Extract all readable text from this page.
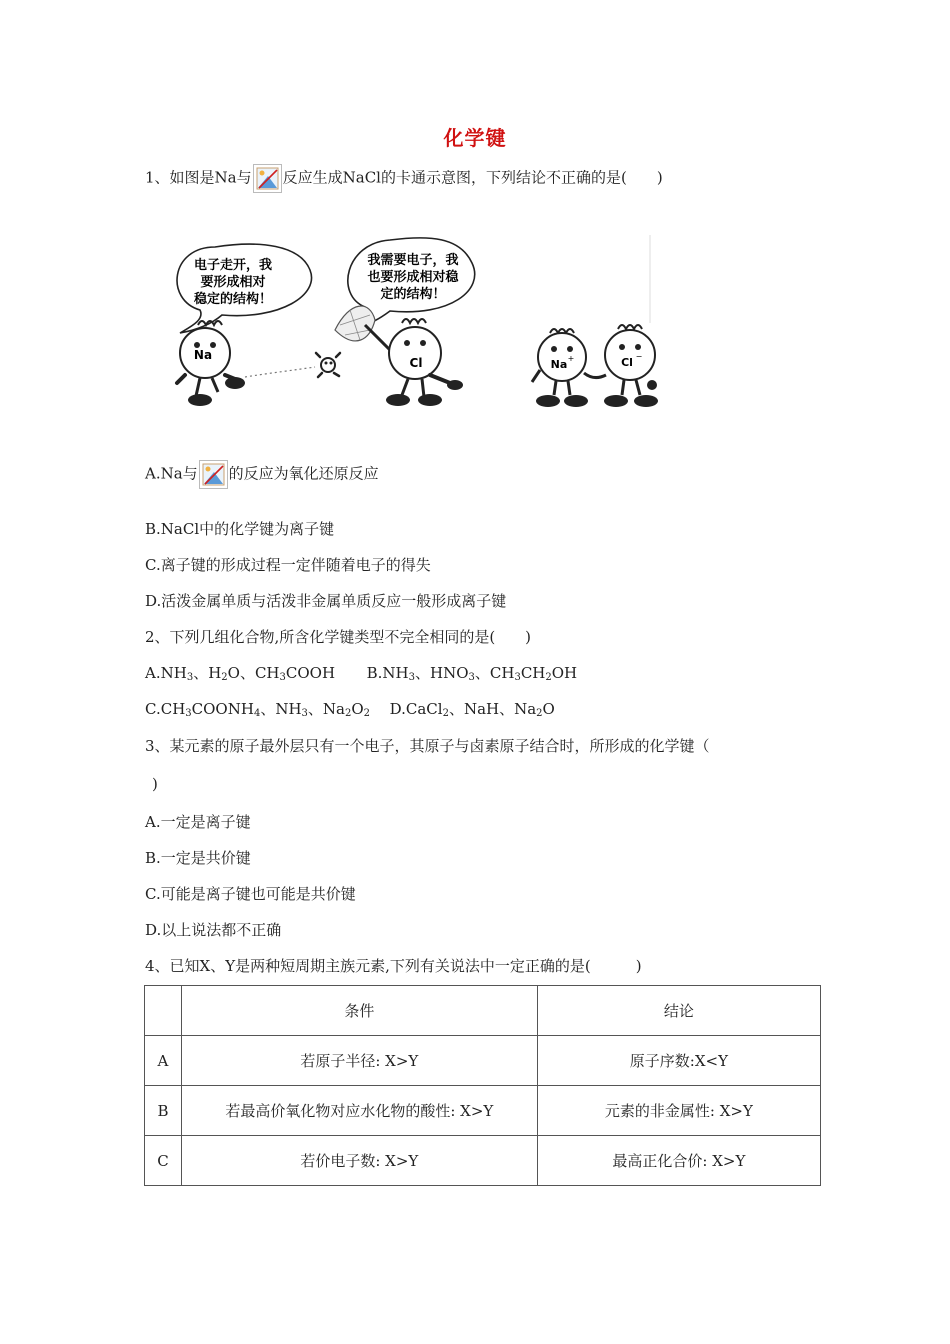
化学键
1、如图是Na与 反应生成NaCl的卡通示意图，下列结论不正确的是(　　)
电子走开，我
要形成相对
稳定的结构！
我需要电子，我
也要形成相对稳
定的结构！
Na
Cl	Na +	Cl −
A.Na与 的反应为氧化还原反应
B.NaCl中的化学键为离子键
C.离子键的形成过程一定伴随着电子的得失
D.活泼金属单质与活泼非金属单质反应一般形成离子键
2、下列几组化合物,所含化学键类型不完全相同的是(　　)
$A.NH_3$、$H_2O$、$CH_3COOH$ $B.NH_3$、$HNO_3$、$CH_3CH_2OH$
$C.CH_3COONH_4$、$NH_3$、$Na_2O_2$ D.CaCl$_2$、NaH、$Na_2O$
3、某元素的原子最外层只有一个电子，其原子与卤素原子结合时，所形成的化学键（
)
A.一定是离子键
B.一定是共价键
C.可能是离子键也可能是共价键
D.以上说法都不正确
4、已知X、Y是两种短周期主族元素,下列有关说法中一定正确的是(　　　)
	条件	结论
A	若原子半径: X>Y	原子序数:X<Y
B	若最高价氧化物对应水化物的酸性: X>Y	元素的非金属性: X>Y
C	若价电子数: X>Y	最高正化合价: X>Y
